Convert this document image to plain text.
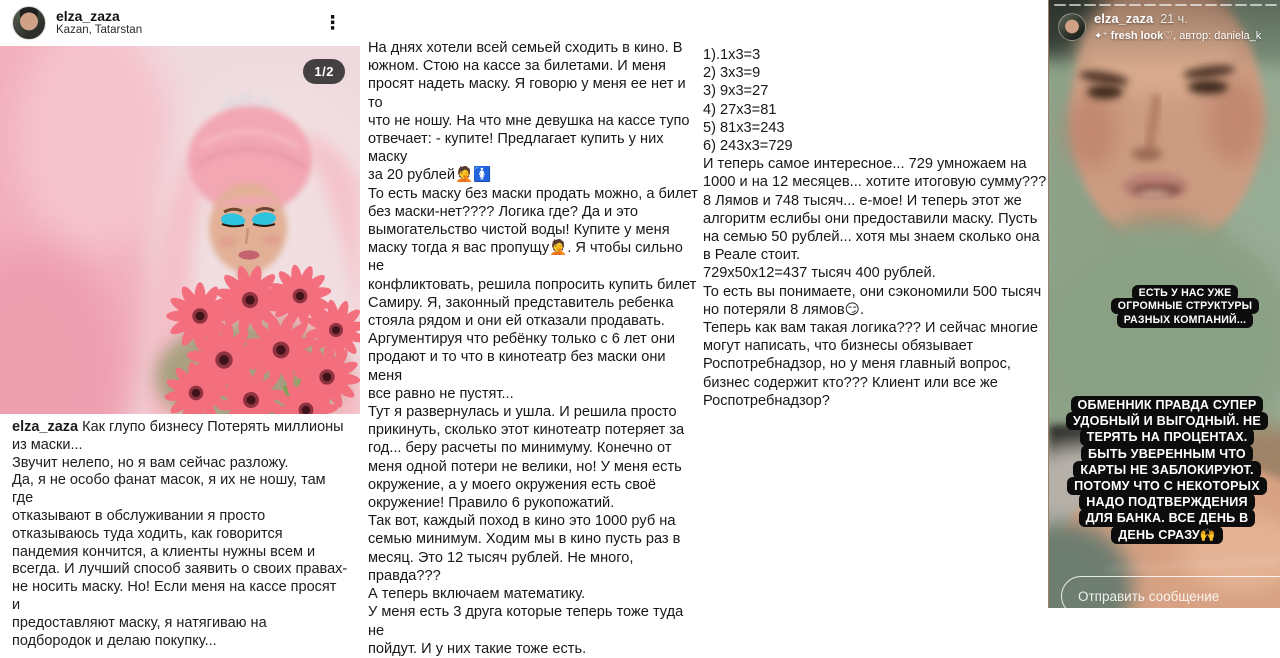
elza_zaza
Kazan, Tatarstan	⋮
1/2
elza_zaza Как глупо бизнесу Потерять миллионы
из маски...
Звучит нелепо, но я вам сейчас разложу.
Да, я не особо фанат масок, я их не ношу, там где
отказывают в обслуживании я просто
отказываюсь туда ходить, как говорится
пандемия кончится, а клиенты нужны всем и
всегда. И лучший способ заявить о своих правах-
не носить маску. Но! Если меня на кассе просят и
предоставляют маску, я натягиваю на
подбородок и делаю покупку...
На днях хотели всей семьей сходить в кино. В
южном. Стою на кассе за билетами. И меня
просят надеть маску. Я говорю у меня ее нет и то
что не ношу. На что мне девушка на кассе тупо
отвечает: - купите! Предлагает купить у них маску
за 20 рублей🤦🚺
То есть маску без маски продать можно, а билет
без маски-нет???? Логика где? Да и это
вымогательство чистой воды! Купите у меня
маску тогда я вас пропущу🤦. Я чтобы сильно не
конфликтовать, решила попросить купить билет
Самиру. Я, законный представитель ребенка
стояла рядом и они ей отказали продавать.
Аргументируя что ребёнку только с 6 лет они
продают и то что в кинотеатр без маски они меня
все равно не пустят...
Тут я развернулась и ушла. И решила просто
прикинуть, сколько этот кинотеатр потеряет за
год... беру расчеты по минимуму. Конечно от
меня одной потери не велики, но! У меня есть
окружение, а у моего окружения есть своё
окружение! Правило 6 рукопожатий.
Так вот, каждый поход в кино это 1000 руб на
семью минимум. Ходим мы в кино пусть раз в
месяц. Это 12 тысяч рублей. Не много, правда???
А теперь включаем математику.
У меня есть 3 друга которые теперь тоже туда не
пойдут. И у них такие тоже есть.
1).1х3=3
2) 3х3=9
3) 9х3=27
4) 27х3=81
5) 81х3=243
6) 243х3=729
И теперь самое интересное... 729 умножаем на
1000 и на 12 месяцев... хотите итоговую сумму???
8 Лямов и 748 тысяч... е-мое! И теперь этот же
алгоритм еслибы они предоставили маску. Пусть
на семью 50 рублей... хотя мы знаем сколько она
в Реале стоит.
729х50х12=437 тысяч 400 рублей.
То есть вы понимаете, они сэкономили 500 тысяч
но потеряли 8 лямов😏.
Теперь как вам такая логика??? И сейчас многие
могут написать, что бизнесы обязывает
Роспотребнадзор, но у меня главный вопрос,
бизнес содержит кто??? Клиент или все же
Роспотребнадзор?
elza_zaza 21 ч.
✦⁺ fresh look♡, автор: daniela_k
ЕСТЬ У НАС УЖЕ
ОГРОМНЫЕ СТРУКТУРЫ
РАЗНЫХ КОМПАНИЙ...
ОБМЕННИК ПРАВДА СУПЕР
УДОБНЫЙ И ВЫГОДНЫЙ. НЕ
ТЕРЯТЬ НА ПРОЦЕНТАХ.
БЫТЬ УВЕРЕННЫМ ЧТО
КАРТЫ НЕ ЗАБЛОКИРУЮТ.
ПОТОМУ ЧТО С НЕКОТОРЫХ
НАДО ПОДТВЕРЖДЕНИЯ
ДЛЯ БАНКА. ВСЕ ДЕНЬ В
ДЕНЬ СРАЗУ🙌
Отправить сообщение
